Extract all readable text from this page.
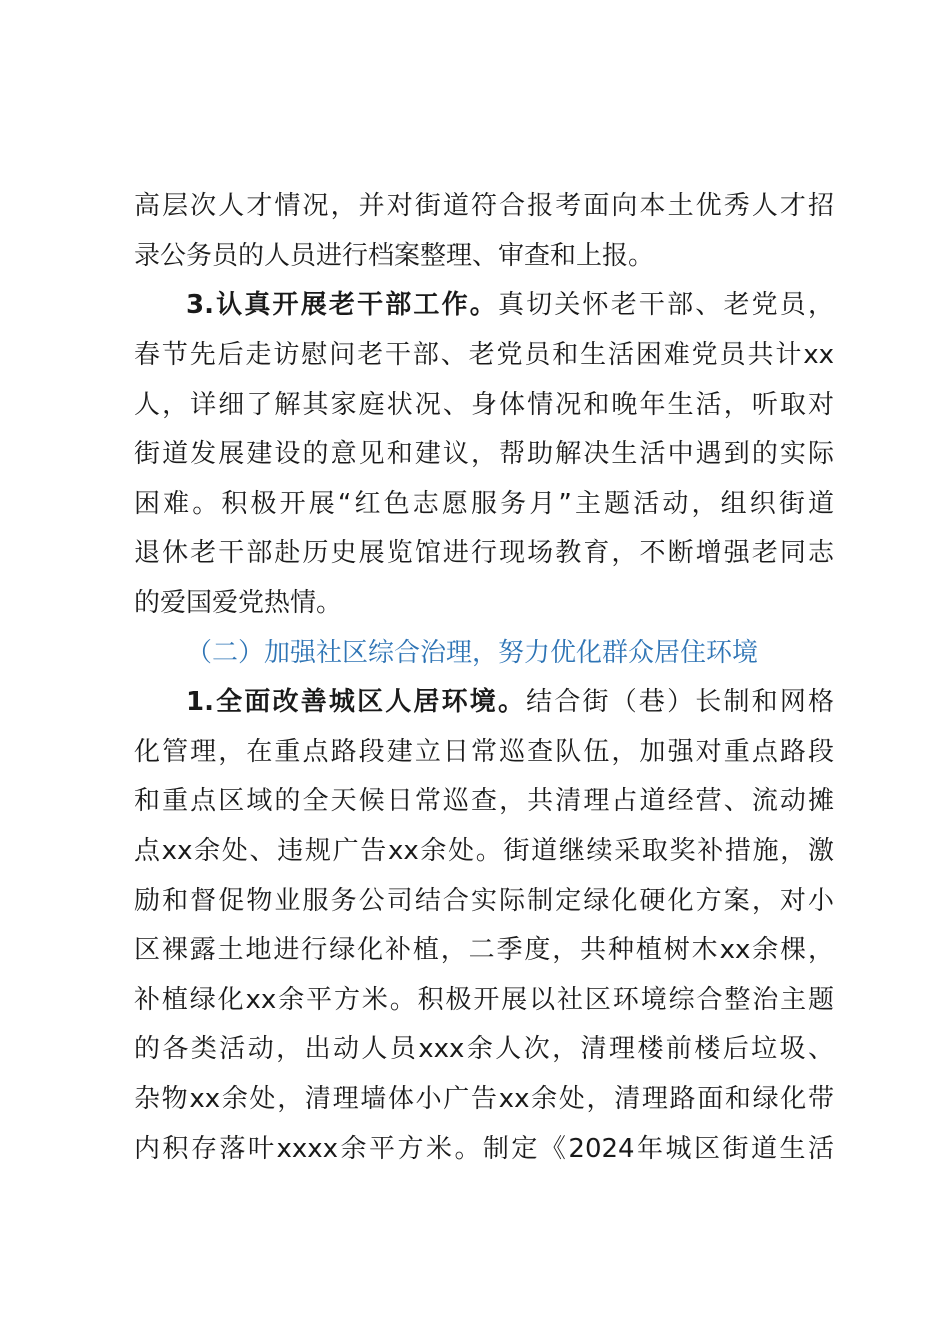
高层次人才情况，并对街道符合报考面向本土优秀人才招
录公务员的人员进行档案整理、审查和上报。
3.认真开展老干部工作。真切关怀老干部、老党员，
春节先后走访慰问老干部、老党员和生活困难党员共计xx
人，详细了解其家庭状况、身体情况和晚年生活，听取对
街道发展建设的意见和建议，帮助解决生活中遇到的实际
困难。积极开展“红色志愿服务月”主题活动，组织街道
退休老干部赴历史展览馆进行现场教育，不断增强老同志
的爱国爱党热情。
（二）加强社区综合治理，努力优化群众居住环境
1.全面改善城区人居环境。结合街（巷）长制和网格
化管理，在重点路段建立日常巡查队伍，加强对重点路段
和重点区域的全天候日常巡查，共清理占道经营、流动摊
点xx余处、违规广告xx余处。街道继续采取奖补措施，激
励和督促物业服务公司结合实际制定绿化硬化方案，对小
区裸露土地进行绿化补植，二季度，共种植树木xx余棵，
补植绿化xx余平方米。积极开展以社区环境综合整治主题
的各类活动，出动人员xxx余人次，清理楼前楼后垃圾、
杂物xx余处，清理墙体小广告xx余处，清理路面和绿化带
内积存落叶xxxx余平方米。制定《2024年城区街道生活
